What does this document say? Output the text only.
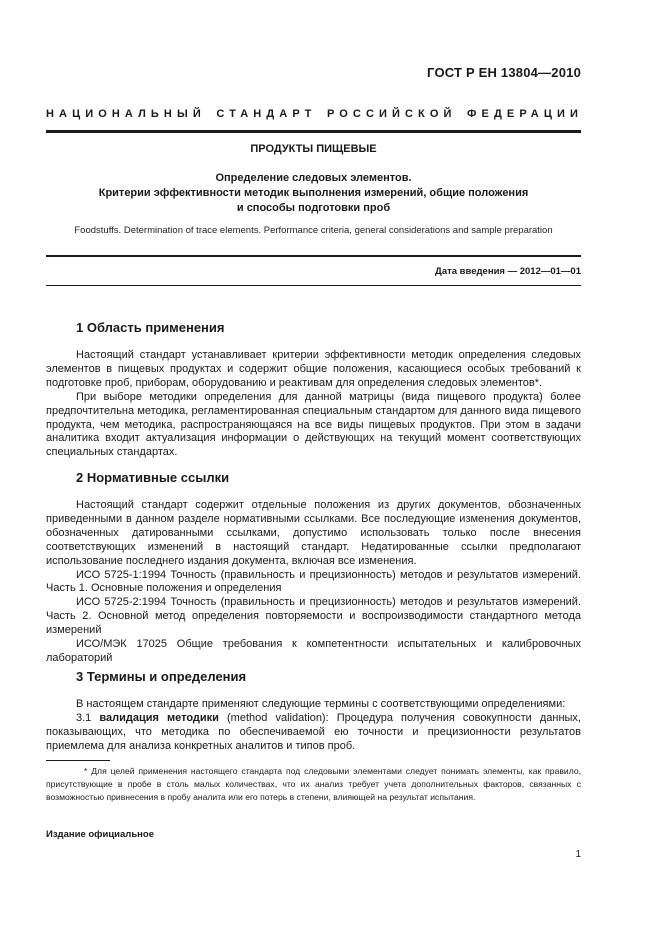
ГОСТ Р ЕН 13804—2010
НАЦИОНАЛЬНЫЙ СТАНДАРТ РОССИЙСКОЙ ФЕДЕРАЦИИ
ПРОДУКТЫ ПИЩЕВЫЕ
Определение следовых элементов.
Критерии эффективности методик выполнения измерений, общие положения
и способы подготовки проб
Foodstuffs. Determination of trace elements. Performance criteria, general considerations and sample preparation
Дата введения — 2012—01—01
1 Область применения

Настоящий стандарт устанавливает критерии эффективности методик определения следовых элементов в пищевых продуктах и содержит общие положения, касающиеся особых требований к подготовке проб, приборам, оборудованию и реактивам для определения следовых элементов*.

При выборе методики определения для данной матрицы (вида пищевого продукта) более предпочтительна методика, регламентированная специальным стандартом для данного вида пищевого продукта, чем методика, распространяющаяся на все виды пищевых продуктов. При этом в задачи аналитика входит актуализация информации о действующих на текущий момент соответствующих специальных стандартах.

2 Нормативные ссылки

Настоящий стандарт содержит отдельные положения из других документов, обозначенных приведенными в данном разделе нормативными ссылками. Все последующие изменения документов, обозначенных датированными ссылками, допустимо использовать только после внесения соответствующих изменений в настоящий стандарт. Недатированные ссылки предполагают использование последнего издания документа, включая все изменения.

ИСО 5725-1:1994 Точность (правильность и прецизионность) методов и результатов измерений. Часть 1. Основные положения и определения

ИСО 5725-2:1994 Точность (правильность и прецизионность) методов и результатов измерений. Часть 2. Основной метод определения повторяемости и воспроизводимости стандартного метода измерений

ИСО/МЭК 17025 Общие требования к компетентности испытательных и калибровочных лабораторий

3 Термины и определения

В настоящем стандарте применяют следующие термины с соответствующими определениями:

3.1 валидация методики (method validation): Процедура получения совокупности данных, показывающих, что методика по обеспечиваемой ею точности и прецизионности результатов приемлема для анализа конкретных аналитов и типов проб.

* Для целей применения настоящего стандарта под следовыми элементами следует понимать элементы, как правило, присутствующие в пробе в столь малых количествах, что их анализ требует учета дополнительных факторов, связанных с возможностью привнесения в пробу аналита или его потерь в степени, влияющей на результат испытания.

Издание официальное
1
